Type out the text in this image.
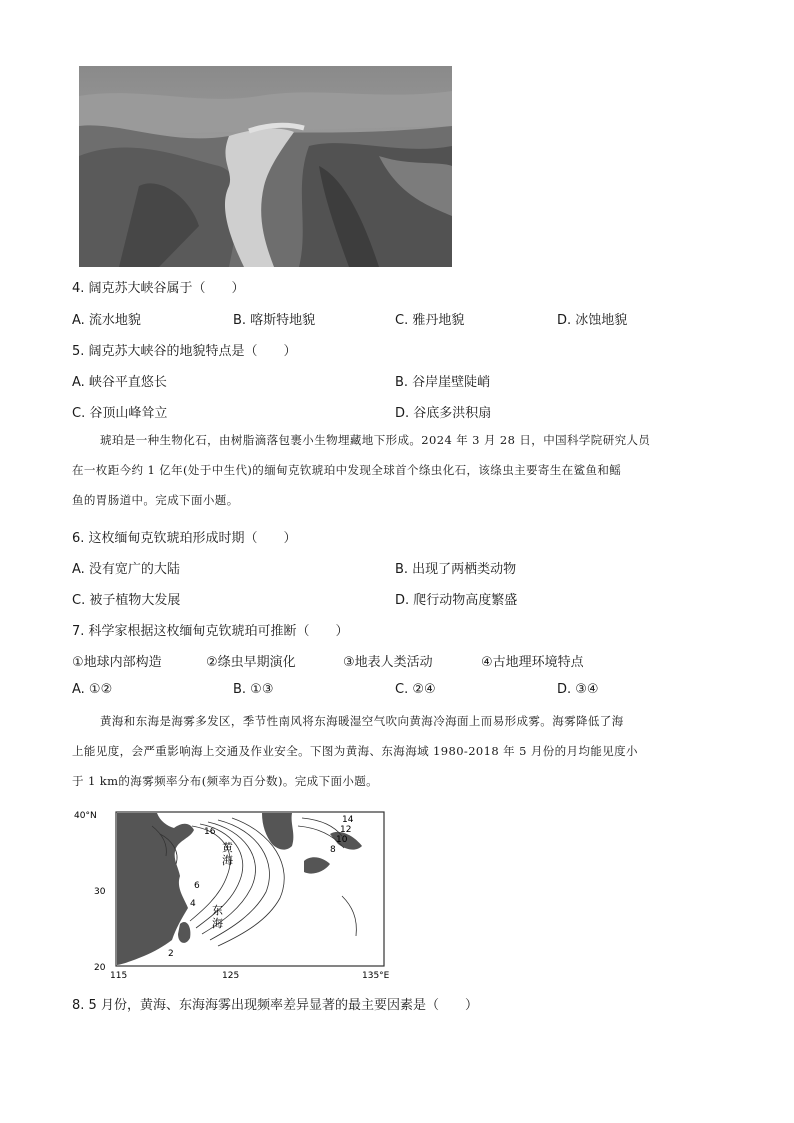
4. 阔克苏大峡谷属于（　　）
A. 流水地貌	B. 喀斯特地貌	C. 雅丹地貌	D. 冰蚀地貌
5. 阔克苏大峡谷的地貌特点是（　　）
A. 峡谷平直悠长	B. 谷岸崖壁陡峭
C. 谷顶山峰耸立	D. 谷底多洪积扇
琥珀是一种生物化石，由树脂滴落包裹小生物埋藏地下形成。2024 年 3 月 28 日，中国科学院研究人员
在一枚距今约 1 亿年(处于中生代)的缅甸克钦琥珀中发现全球首个绦虫化石，该绦虫主要寄生在鲨鱼和鳐
鱼的胃肠道中。完成下面小题。
6. 这枚缅甸克钦琥珀形成时期（　　）
A. 没有宽广的大陆	B. 出现了两栖类动物
C. 被子植物大发展	D. 爬行动物高度繁盛
7. 科学家根据这枚缅甸克钦琥珀可推断（　　）
①地球内部构造	②绦虫早期演化	③地表人类活动	④古地理环境特点
A. ①②	B. ①③	C. ②④	D. ③④
黄海和东海是海雾多发区，季节性南风将东海暖湿空气吹向黄海冷海面上而易形成雾。海雾降低了海
上能见度，会严重影响海上交通及作业安全。下图为黄海、东海海域 1980-2018 年 5 月份的月均能见度小
于 1 km的海雾频率分布(频率为百分数)。完成下面小题。
40°N
30
20
115	125	135°E
黄
海
东
海
16
14
12
10
8
6
4
2
8. 5 月份，黄海、东海海雾出现频率差异显著的最主要因素是（　　）
